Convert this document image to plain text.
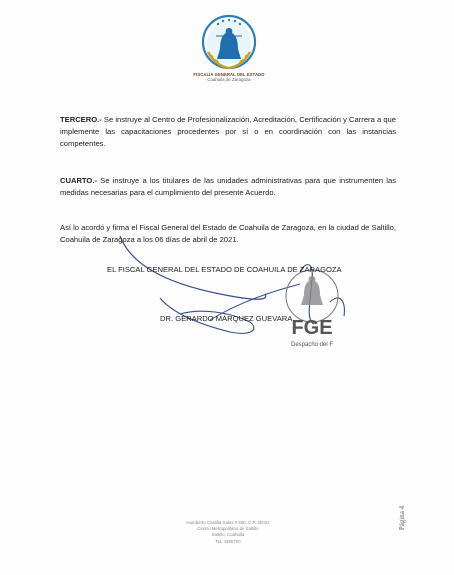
FISCALÍA GENERAL DEL ESTADO
Coahuila de Zaragoza

TERCERO.- Se instruye al Centro de Profesionalización, Acreditación, Certificación y Carrera a que implemente las capacitaciones procedentes por sí o en coordinación con las instancias competentes.

CUARTO.- Se instruye a los titulares de las unidades administrativas para que instrumenten las medidas necesarias para el cumplimiento del presente Acuerdo.

Así lo acordó y firma el Fiscal General del Estado de Coahuila de Zaragoza, en la ciudad de Saltillo, Coahuila de Zaragoza a los 06 días de abril de 2021.

FGE
Despacho del F
EL FISCAL GENERAL DEL ESTADO DE COAHUILA DE ZARAGOZA
DR. GERARDO MÁRQUEZ GUEVARA
Página 4
Humberto Castilla Salas # 600, C.P. 25022
Centro Metropolitano de Saltillo
Saltillo, Coahuila
Tel. 4380700
